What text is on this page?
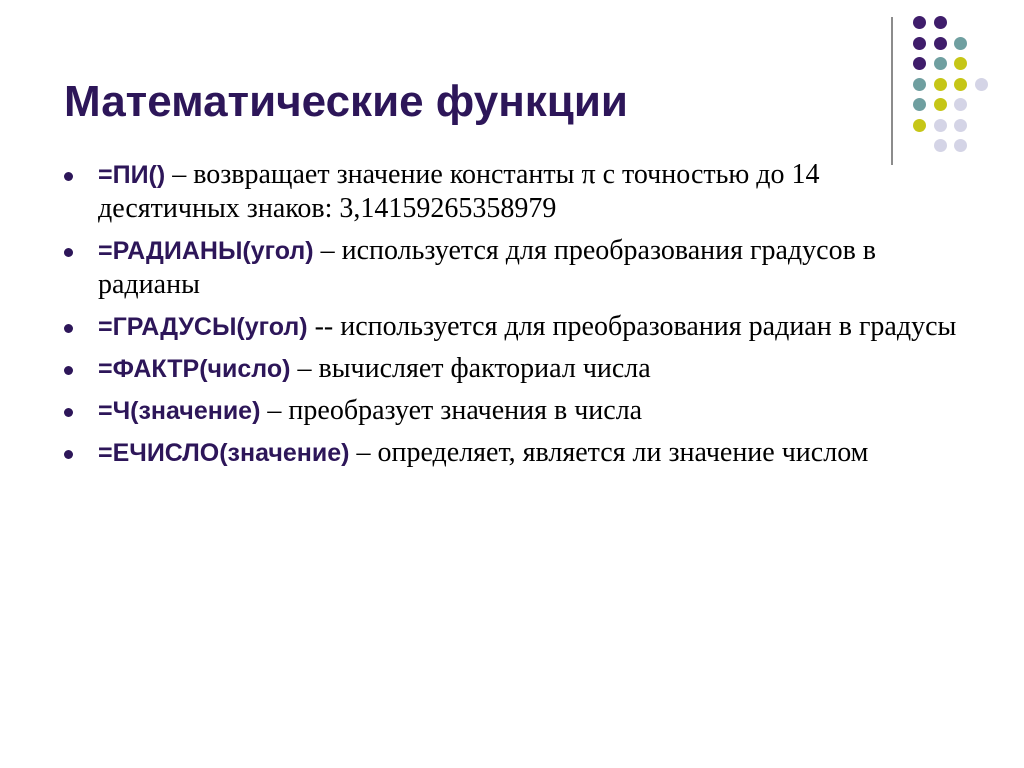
Математические функции
=ПИ() – возвращает значение константы π с точностью до 14 десятичных знаков: 3,14159265358979
=РАДИАНЫ(угол) – используется для преобразования градусов в радианы
=ГРАДУСЫ(угол) -- используется для преобразования радиан в градусы
=ФАКТР(число) – вычисляет факториал числа
=Ч(значение) – преобразует значения в числа
=ЕЧИСЛО(значение) – определяет, является ли значение числом
